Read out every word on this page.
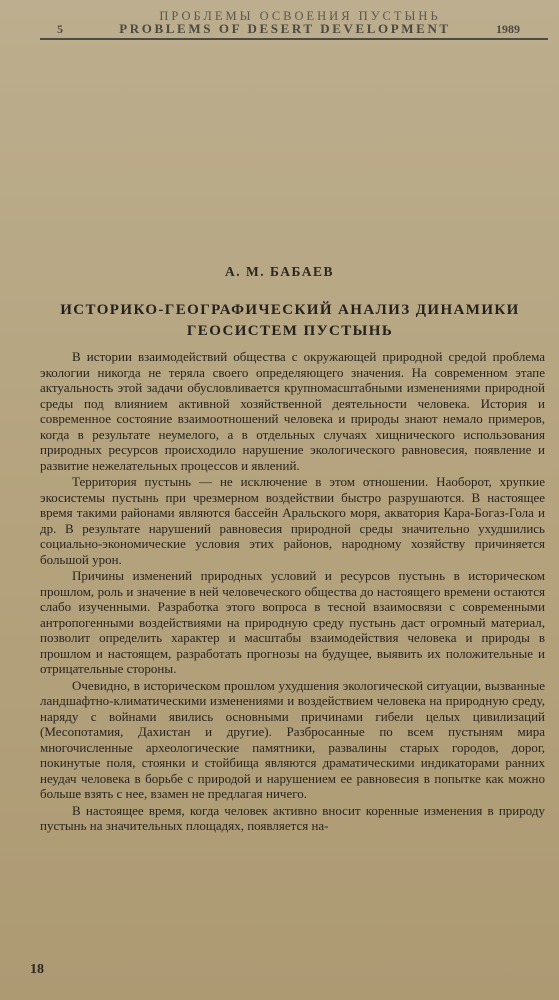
ПРОБЛЕМЫ ОСВОЕНИЯ ПУСТЫНЬ
5	PROBLEMS OF DESERT DEVELOPMENT	1989
А. М. БАБАЕВ
ИСТОРИКО-ГЕОГРАФИЧЕСКИЙ АНАЛИЗ ДИНАМИКИ
ГЕОСИСТЕМ ПУСТЫНЬ

В истории взаимодействий общества с окружающей природной средой проблема экологии никогда не теряла своего определяющего значения. На современном этапе актуальность этой задачи обусловливается крупномасштабными изменениями природной среды под влиянием активной хозяйственной деятельности человека. История и современное состояние взаимоотношений человека и природы знают немало примеров, когда в результате неумелого, а в отдельных случаях хищнического использования природных ресурсов происходило нарушение экологического равновесия, появление и развитие нежелательных процессов и явлений.

Территория пустынь — не исключение в этом отношении. Наоборот, хрупкие экосистемы пустынь при чрезмерном воздействии быстро разрушаются. В настоящее время такими районами являются бассейн Аральского моря, акватория Кара-Богаз-Гола и др. В результате нарушений равновесия природной среды значительно ухудшились социально-экономические условия этих районов, народному хозяйству причиняется большой урон.

Причины изменений природных условий и ресурсов пустынь в историческом прошлом, роль и значение в ней человеческого общества до настоящего времени остаются слабо изученными. Разработка этого вопроса в тесной взаимосвязи с современными антропогенными воздействиями на природную среду пустынь даст огромный материал, позволит определить характер и масштабы взаимодействия человека и природы в прошлом и настоящем, разработать прогнозы на будущее, выявить их положительные и отрицательные стороны.

Очевидно, в историческом прошлом ухудшения экологической ситуации, вызванные ландшафтно-климатическими изменениями и воздействием человека на природную среду, наряду с войнами явились основными причинами гибели целых цивилизаций (Месопотамия, Дахистан и другие). Разбросанные по всем пустыням мира многочисленные археологические памятники, развалины старых городов, дорог, покинутые поля, стоянки и стойбища являются драматическими индикаторами ранних неудач человека в борьбе с природой и нарушением ее равновесия в попытке как можно больше взять с нее, взамен не предлагая ничего.

В настоящее время, когда человек активно вносит коренные изменения в природу пустынь на значительных площадях, появляется на-

18
